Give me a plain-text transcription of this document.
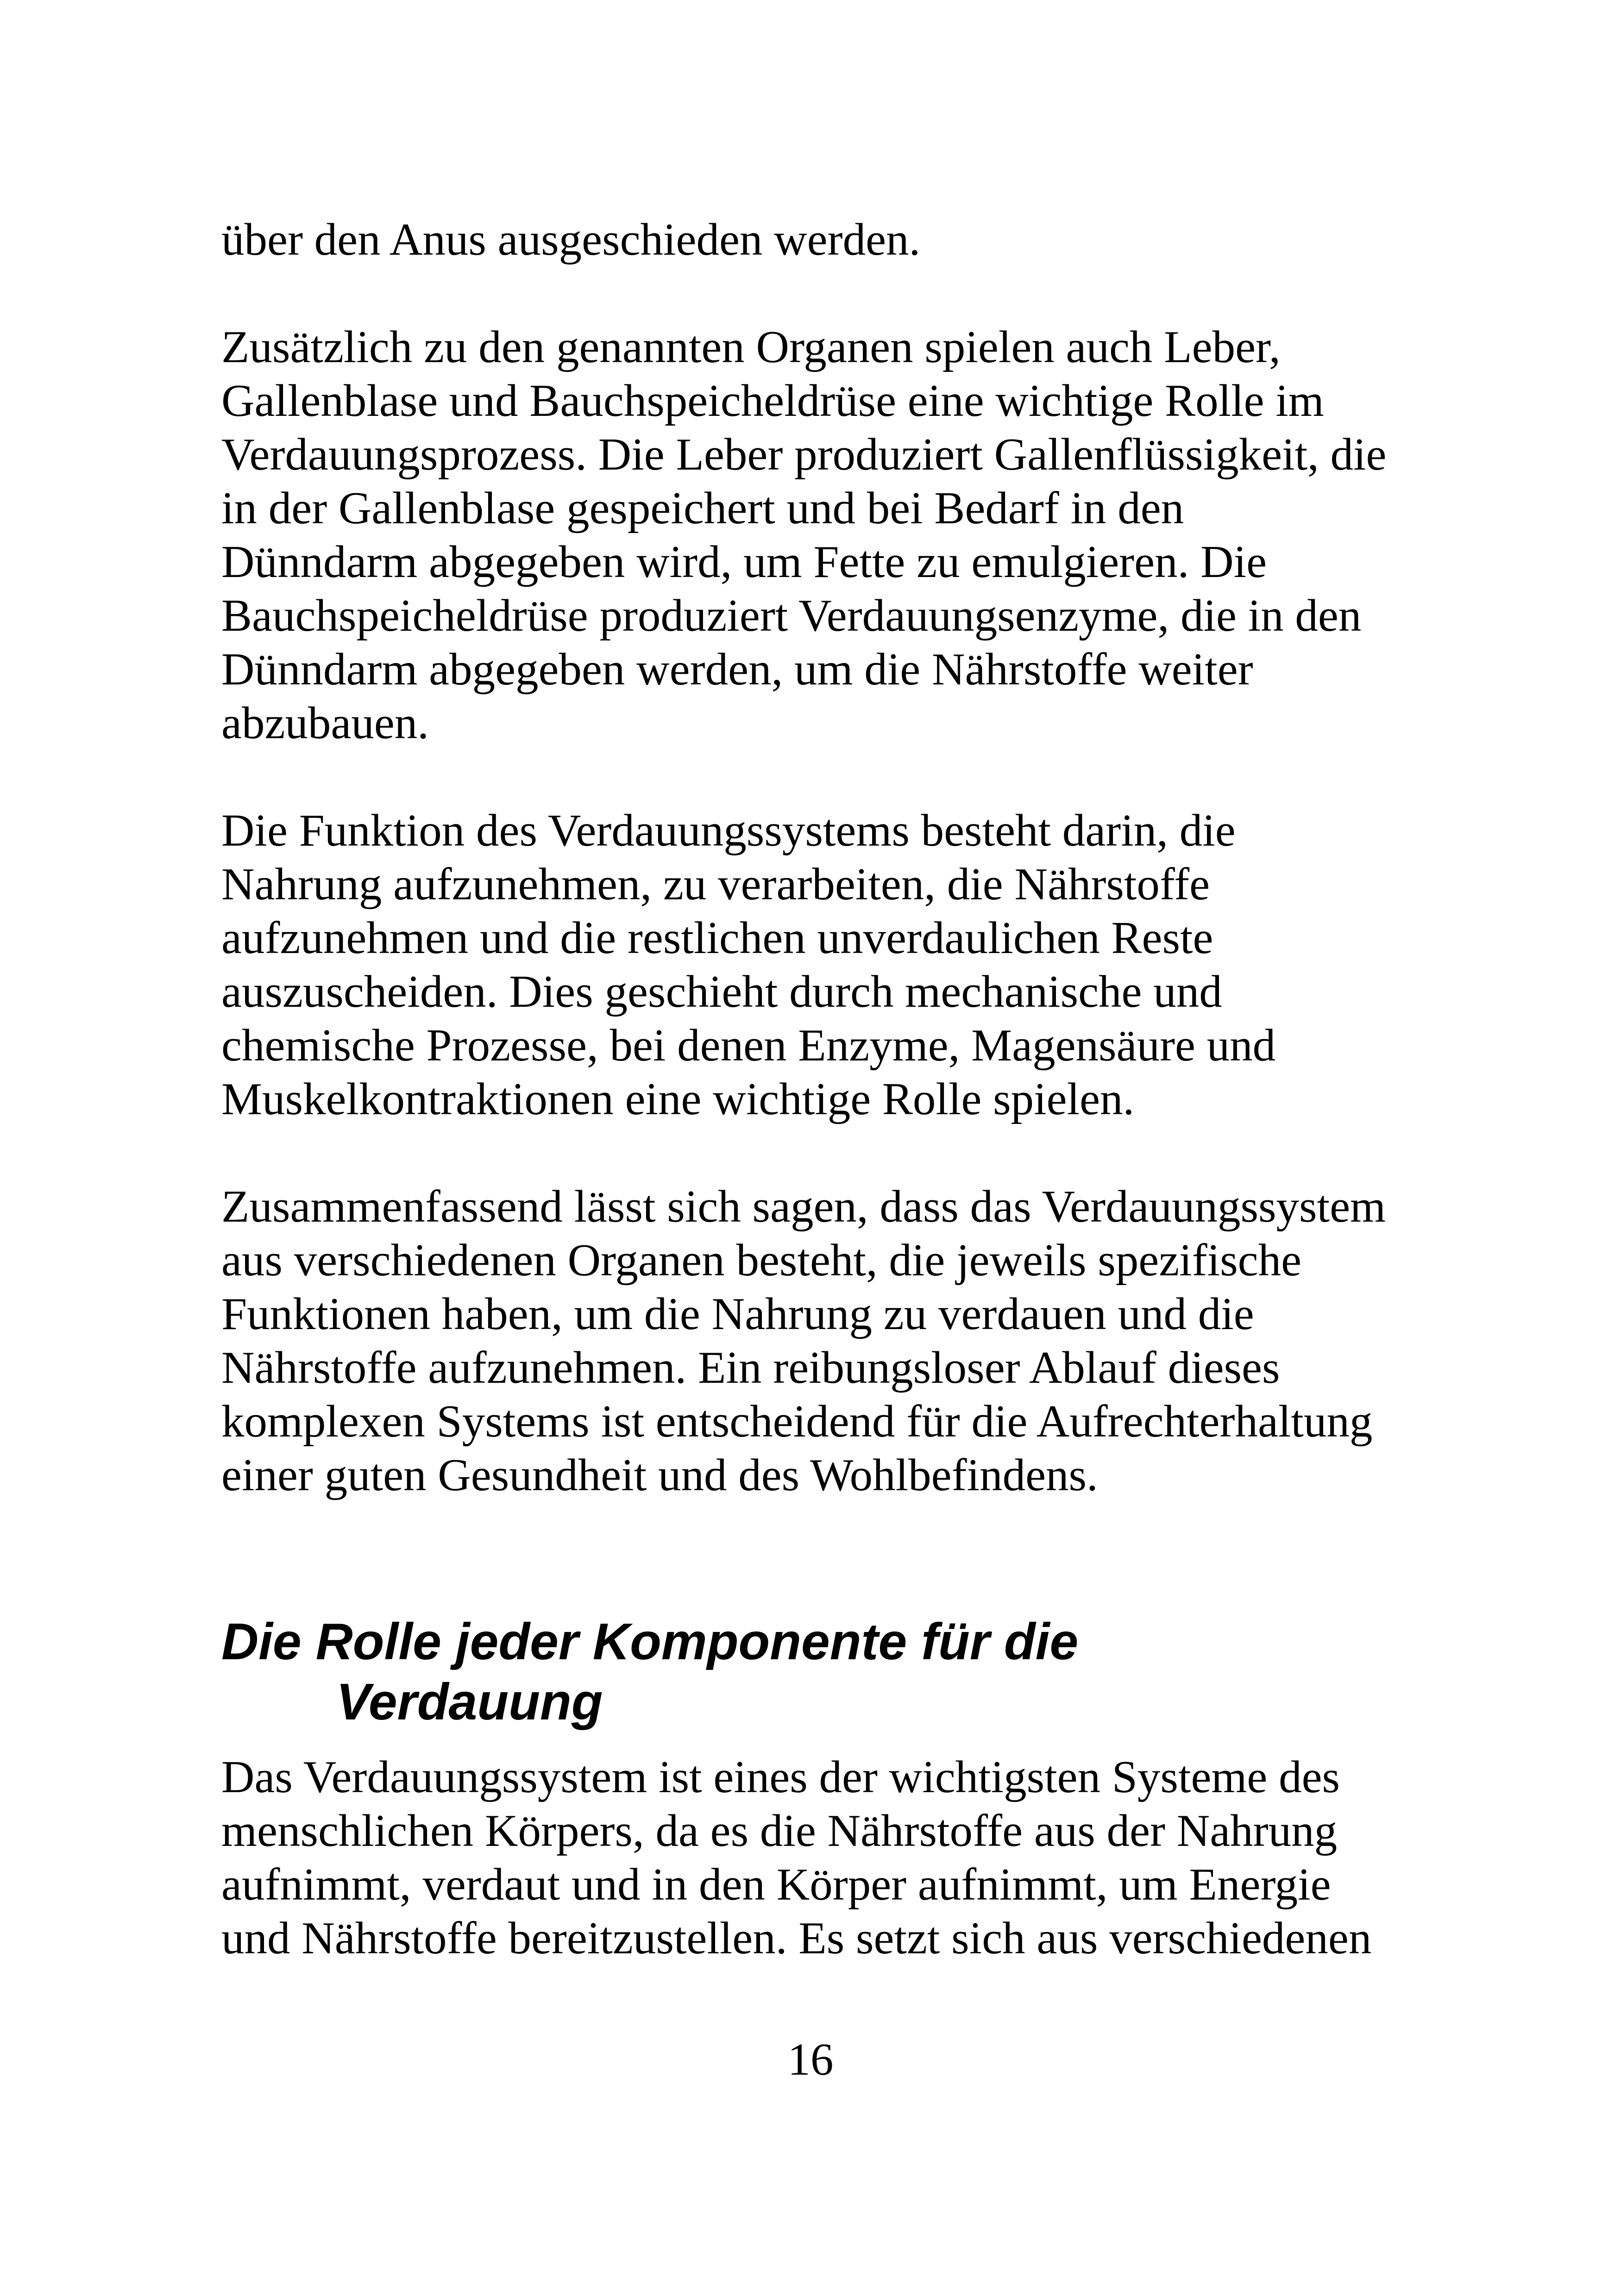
über den Anus ausgeschieden werden.
Zusätzlich zu den genannten Organen spielen auch Leber,
Gallenblase und Bauchspeicheldrüse eine wichtige Rolle im
Verdauungsprozess. Die Leber produziert Gallenflüssigkeit, die
in der Gallenblase gespeichert und bei Bedarf in den
Dünndarm abgegeben wird, um Fette zu emulgieren. Die
Bauchspeicheldrüse produziert Verdauungsenzyme, die in den
Dünndarm abgegeben werden, um die Nährstoffe weiter
abzubauen.
Die Funktion des Verdauungssystems besteht darin, die
Nahrung aufzunehmen, zu verarbeiten, die Nährstoffe
aufzunehmen und die restlichen unverdaulichen Reste
auszuscheiden. Dies geschieht durch mechanische und
chemische Prozesse, bei denen Enzyme, Magensäure und
Muskelkontraktionen eine wichtige Rolle spielen.
Zusammenfassend lässt sich sagen, dass das Verdauungssystem
aus verschiedenen Organen besteht, die jeweils spezifische
Funktionen haben, um die Nahrung zu verdauen und die
Nährstoffe aufzunehmen. Ein reibungsloser Ablauf dieses
komplexen Systems ist entscheidend für die Aufrechterhaltung
einer guten Gesundheit und des Wohlbefindens.
Die Rolle jeder Komponente für die
Verdauung
Das Verdauungssystem ist eines der wichtigsten Systeme des
menschlichen Körpers, da es die Nährstoffe aus der Nahrung
aufnimmt, verdaut und in den Körper aufnimmt, um Energie
und Nährstoffe bereitzustellen. Es setzt sich aus verschiedenen
16
